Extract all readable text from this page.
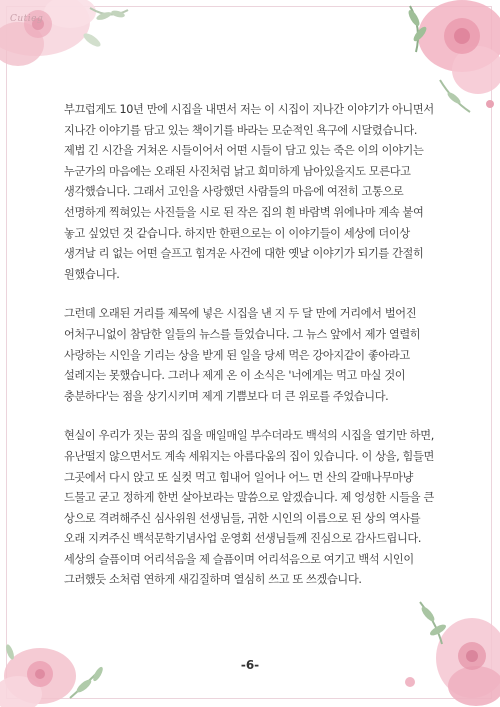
Cutieg

부끄럽게도 10년 만에 시집을 내면서 저는 이 시집이 지나간 이야기가 아니면서 지나간 이야기를 담고 있는 책이기를 바라는 모순적인 욕구에 시달렸습니다. 제법 긴 시간을 거쳐온 시들이어서 어떤 시들이 담고 있는 죽은 이의 이야기는 누군가의 마음에는 오래된 사진처럼 낡고 희미하게 남아있을지도 모른다고 생각했습니다. 그래서 고인을 사랑했던 사람들의 마음에 여전히 고통으로 선명하게 찍혀있는 사진들을 시로 된 작은 집의 흰 바람벽 위에나마 계속 붙여 놓고 싶었던 것 같습니다. 하지만 한편으로는 이 이야기들이 세상에 더이상 생겨날 리 없는 어떤 슬프고 힘겨운 사건에 대한 옛날 이야기가 되기를 간절히 원했습니다.

그런데 오래된 거리를 제목에 넣은 시집을 낸 지 두 달 만에 거리에서 벌어진 어처구니없이 참담한 일들의 뉴스를 들었습니다. 그 뉴스 앞에서 제가 열렬히 사랑하는 시인을 기리는 상을 받게 된 일을 당세 먹은 강아지같이 좋아라고 설레지는 못했습니다. 그러나 제게 온 이 소식은 '너에게는 먹고 마실 것이 충분하다'는 점을 상기시키며 제게 기쁨보다 더 큰 위로를 주었습니다.

현실이 우리가 짓는 꿈의 집을 매일매일 부수더라도 백석의 시집을 열기만 하면, 유난떨지 않으면서도 계속 세워지는 아름다움의 집이 있습니다. 이 상을, 힘들면 그곳에서 다시 앉고 또 실컷 먹고 힘내어 일어나 어느 먼 산의 갈매나무마냥 드물고 굳고 정하게 한번 살아보라는 말씀으로 알겠습니다. 제 엉성한 시들을 큰 상으로 격려해주신 심사위원 선생님들, 귀한 시인의 이름으로 된 상의 역사를 오래 지켜주신 백석문학기념사업 운영회 선생님들께 진심으로 감사드립니다. 세상의 슬픔이며 어리석음을 제 슬픔이며 어리석음으로 여기고 백석 시인이 그러했듯 소처럼 연하게 새김질하며 열심히 쓰고 또 쓰겠습니다.

-6-
